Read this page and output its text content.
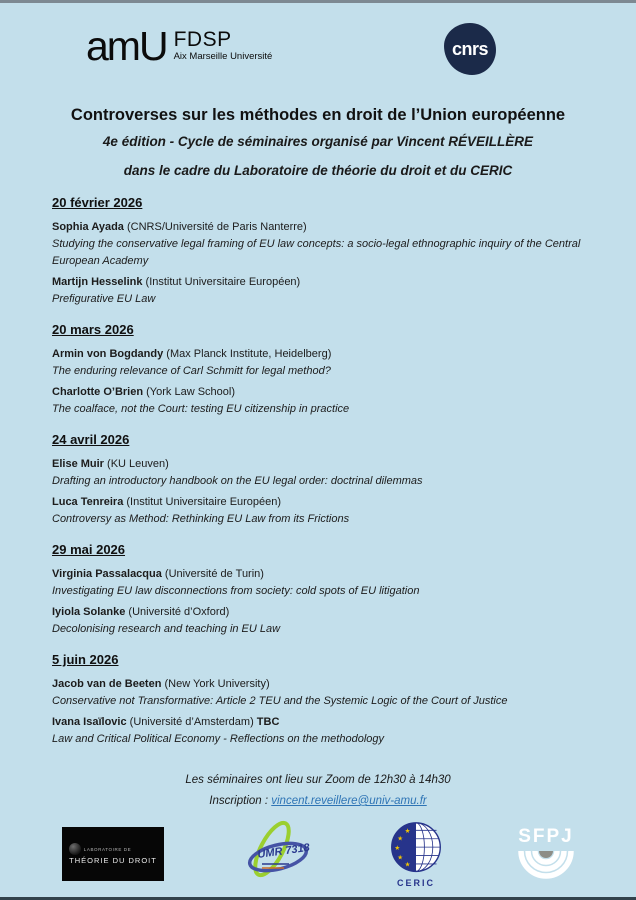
amU FDSP
Aix Marseille Université	cnrs
Controverses sur les méthodes en droit de l’Union européenne
4e édition - Cycle de séminaires organisé par Vincent RÉVEILLÈRE
dans le cadre du Laboratoire de théorie du droit et du CERIC
20 février 2026

Sophia Ayada (CNRS/Université de Paris Nanterre)

Studying the conservative legal framing of EU law concepts: a socio-legal ethnographic inquiry of the Central European Academy

Martijn Hesselink (Institut Universitaire Européen)

Prefigurative EU Law

20 mars 2026

Armin von Bogdandy (Max Planck Institute, Heidelberg)

The enduring relevance of Carl Schmitt for legal method?

Charlotte O’Brien (York Law School)

The coalface, not the Court: testing EU citizenship in practice

24 avril 2026

Elise Muir (KU Leuven)

Drafting an introductory handbook on the EU legal order: doctrinal dilemmas

Luca Tenreira (Institut Universitaire Européen)

Controversy as Method: Rethinking EU Law from its Frictions

29 mai 2026

Virginia Passalacqua (Université de Turin)

Investigating EU law disconnections from society: cold spots of EU litigation

Iyiola Solanke (Université d’Oxford)

Decolonising research and teaching in EU Law

5 juin 2026

Jacob van de Beeten (New York University)

Conservative not Transformative: Article 2 TEU and the Systemic Logic of the Court of Justice

Ivana Isaïlovic (Université d’Amsterdam) TBC

Law and Critical Political Economy - Reflections on the methodology

Les séminaires ont lieu sur Zoom de 12h30 à 14h30
Inscription : vincent.reveillere@univ-amu.fr
LABORATOIRE DE
THÉORIE DU DROIT
UMR 7318
★
★
★
★
★
CERIC
SFPJ
